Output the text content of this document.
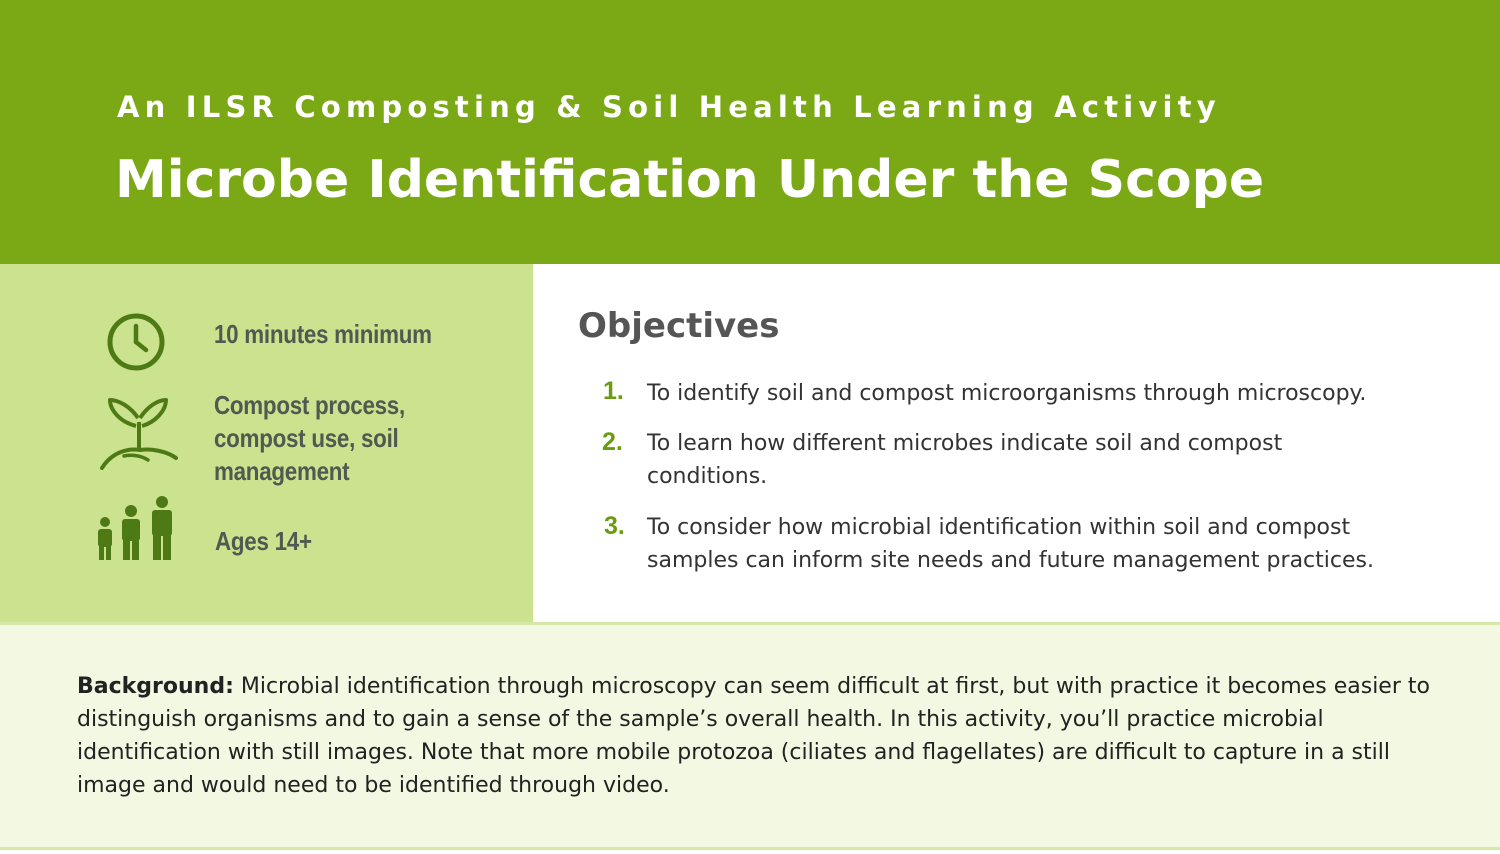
An ILSR Composting & Soil Health Learning Activity
Microbe Identification Under the Scope
10 minutes minimum
Compost process,
compost use, soil
management
Ages 14+
Objectives
1. To identify soil and compost microorganisms through microscopy.
2. To learn how different microbes indicate soil and compost conditions.
3. To consider how microbial identification within soil and compost samples can inform site needs and future management practices.
Background: Microbial identification through microscopy can seem difficult at first, but with practice it becomes easier to distinguish organisms and to gain a sense of the sample’s overall health. In this activity, you’ll practice microbial identification with still images. Note that more mobile protozoa (ciliates and flagellates) are difficult to capture in a still image and would need to be identified through video.
